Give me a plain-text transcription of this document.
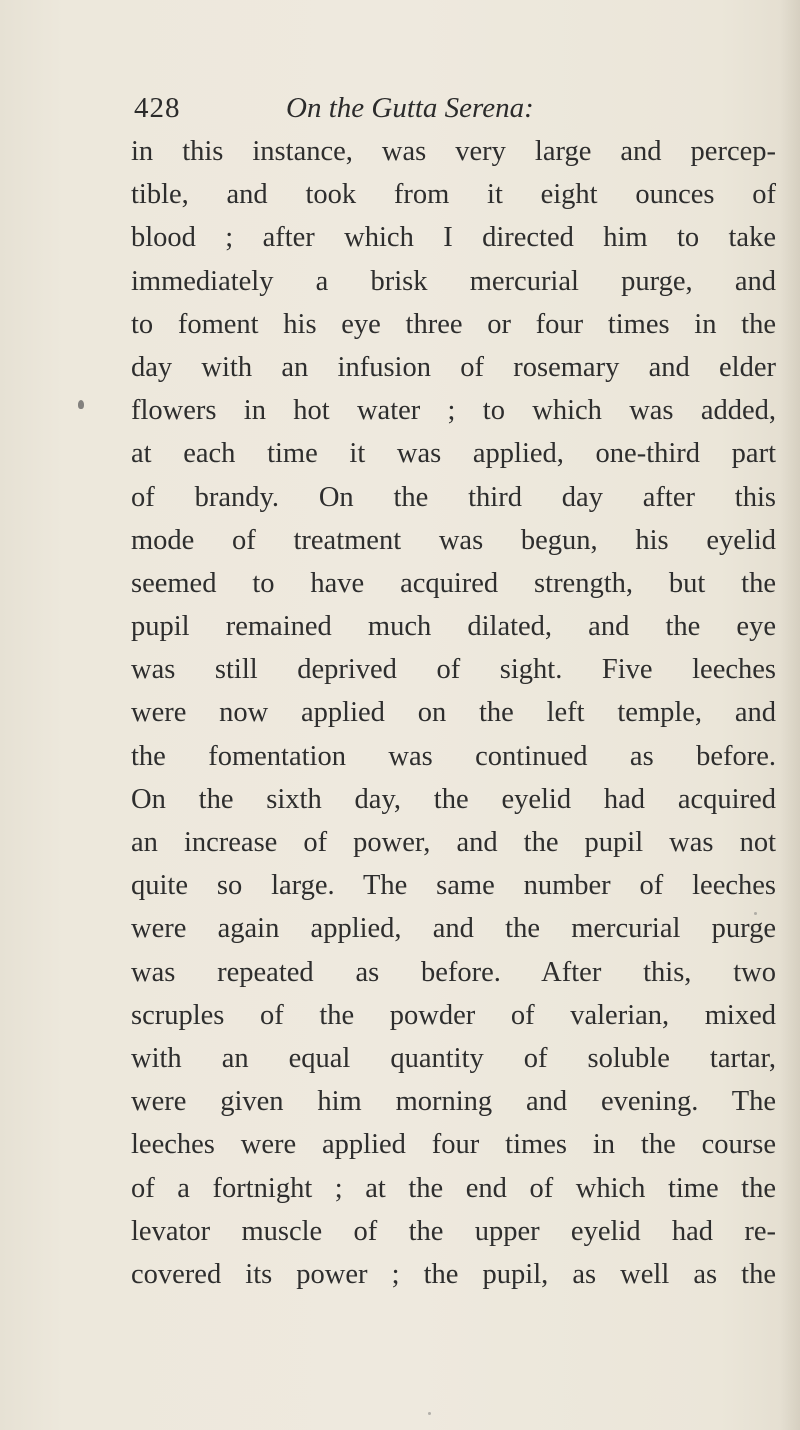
428	On the Gutta Serena:
in this instance, was very large and percep-
tible, and took from it eight ounces of
blood ; after which I directed him to take
immediately a brisk mercurial purge, and
to foment his eye three or four times in the
day with an infusion of rosemary and elder
flowers in hot water ; to which was added,
at each time it was applied, one-third part
of brandy. On the third day after this
mode of treatment was begun, his eyelid
seemed to have acquired strength, but the
pupil remained much dilated, and the eye
was still deprived of sight. Five leeches
were now applied on the left temple, and
the fomentation was continued as before.
On the sixth day, the eyelid had acquired
an increase of power, and the pupil was not
quite so large. The same number of leeches
were again applied, and the mercurial purge
was repeated as before. After this, two
scruples of the powder of valerian, mixed
with an equal quantity of soluble tartar,
were given him morning and evening. The
leeches were applied four times in the course
of a fortnight ; at the end of which time the
levator muscle of the upper eyelid had re-
covered its power ; the pupil, as well as the
